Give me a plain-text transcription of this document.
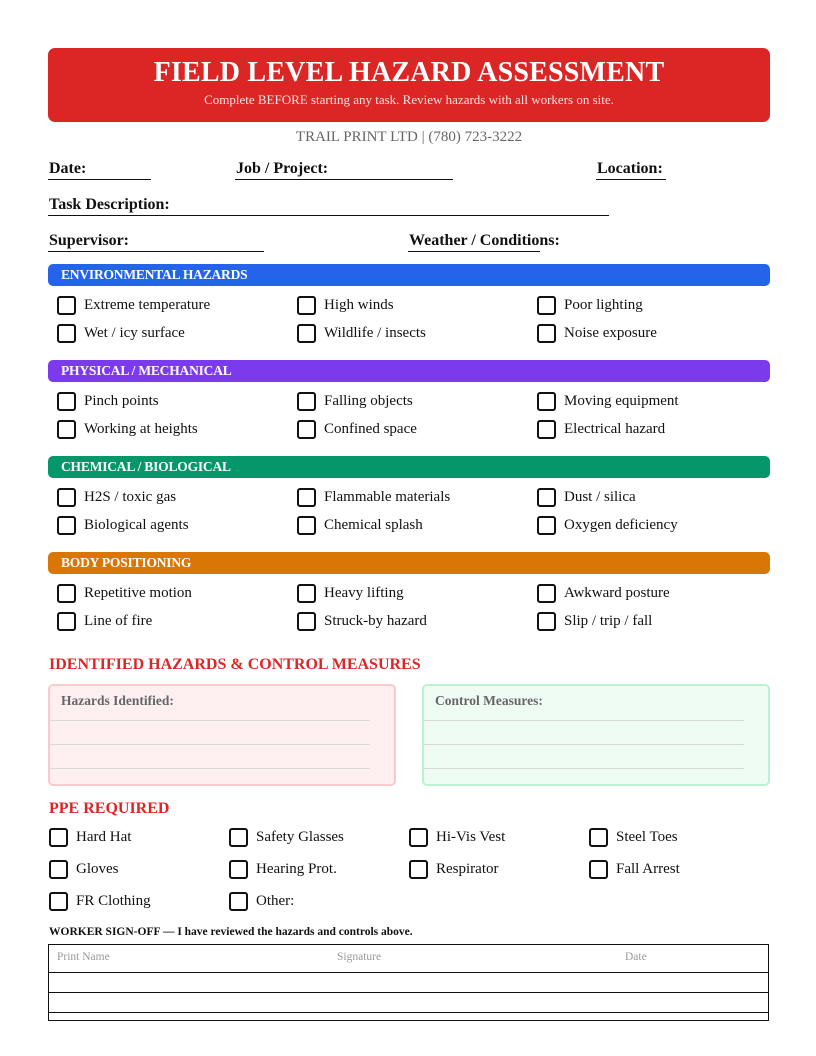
FIELD LEVEL HAZARD ASSESSMENT
Complete BEFORE starting any task. Review hazards with all workers on site.
TRAIL PRINT LTD | (780) 723-3222
Date:	Job / Project:	Location:
Task Description:
Supervisor:	Weather / Conditions:
ENVIRONMENTAL HAZARDS
Extreme temperature	High winds	Poor lighting
Wet / icy surface	Wildlife / insects	Noise exposure
PHYSICAL / MECHANICAL
Pinch points	Falling objects	Moving equipment
Working at heights	Confined space	Electrical hazard
CHEMICAL / BIOLOGICAL
H2S / toxic gas	Flammable materials	Dust / silica
Biological agents	Chemical splash	Oxygen deficiency
BODY POSITIONING
Repetitive motion	Heavy lifting	Awkward posture
Line of fire	Struck-by hazard	Slip / trip / fall
IDENTIFIED HAZARDS & CONTROL MEASURES
Hazards Identified:	Control Measures:
PPE REQUIRED
Hard Hat	Safety Glasses	Hi-Vis Vest	Steel Toes
Gloves	Hearing Prot.	Respirator	Fall Arrest
FR Clothing	Other:
WORKER SIGN-OFF — I have reviewed the hazards and controls above.
Print Name	Signature	Date
